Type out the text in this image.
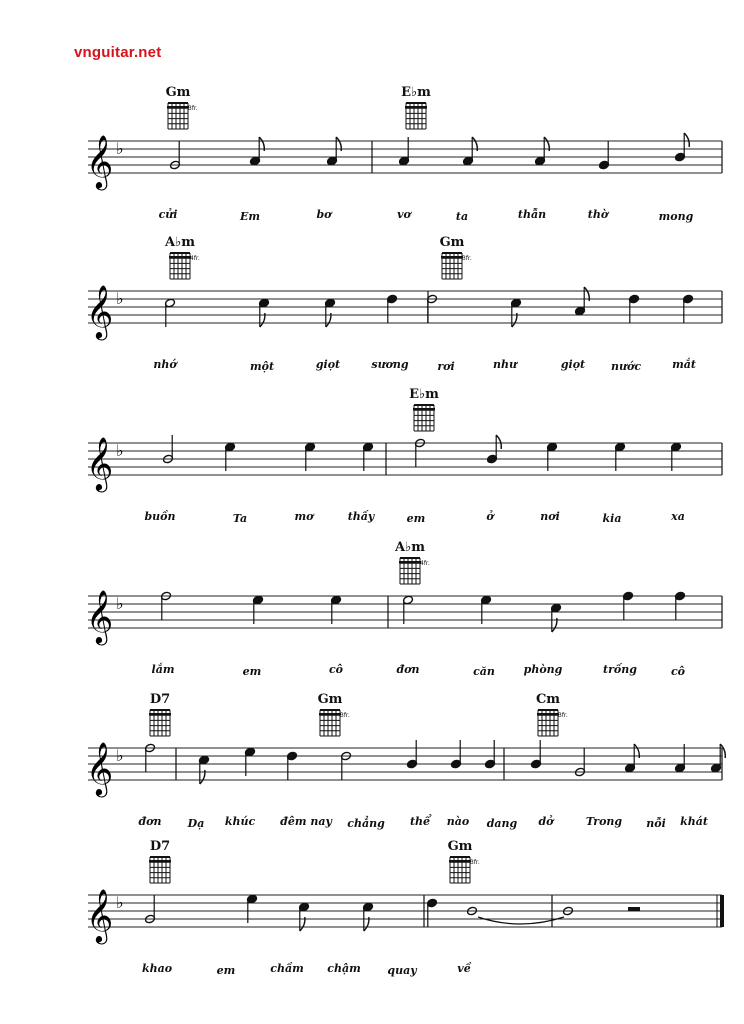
vnguitar.net
Gm
3fr.
E♭m
𝄞 ♭
cửi	Em	bơ	vơ	ta	thẫn	thờ	mong
A♭m
4fr.
Gm
3fr.
𝄞 ♭
nhớ	một	giọt	sương	rơi	như	giọt nước	mắt
E♭m
𝄞 ♭
buồn	Ta	mơ	thấy	em	ở	nơi	kia	xa
A♭m
4fr.
𝄞 ♭
lắm	em	cô	đơn	căn	phòng	trống	cô
D7	Gm
3fr.
Cm
3fr.
𝄞 ♭
đơn Dạ khúc đêm nay chẳng thể nào dang dở	Trong nỗi khát
D7	Gm
3fr.
𝄞 ♭
khao	em	chầm chậm quay	về
